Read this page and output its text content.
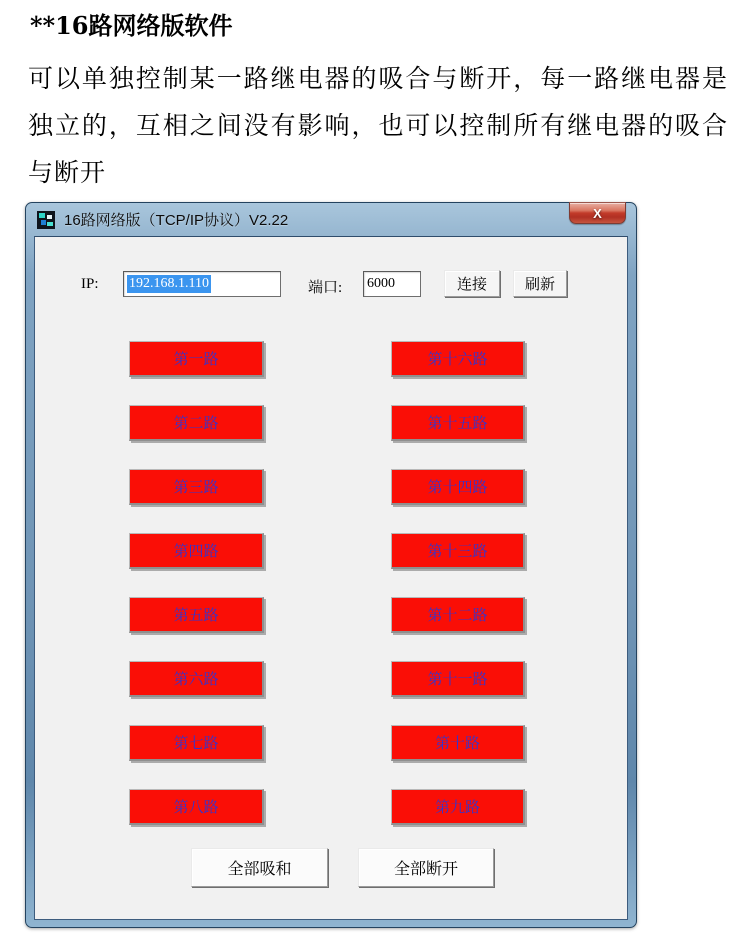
**16路网络版软件
可以单独控制某一路继电器的吸合与断开，每一路继电器是独立的，互相之间没有影响，也可以控制所有继电器的吸合与断开
16路网络版（TCP/IP协议）V2.22	X
IP: 192.168.1.110	端口: 6000	连接	刷新
第一路
第二路
第三路
第四路
第五路
第六路
第七路
第八路
第十六路
第十五路
第十四路
第十三路
第十二路
第十一路
第十路
第九路
全部吸和	全部断开
